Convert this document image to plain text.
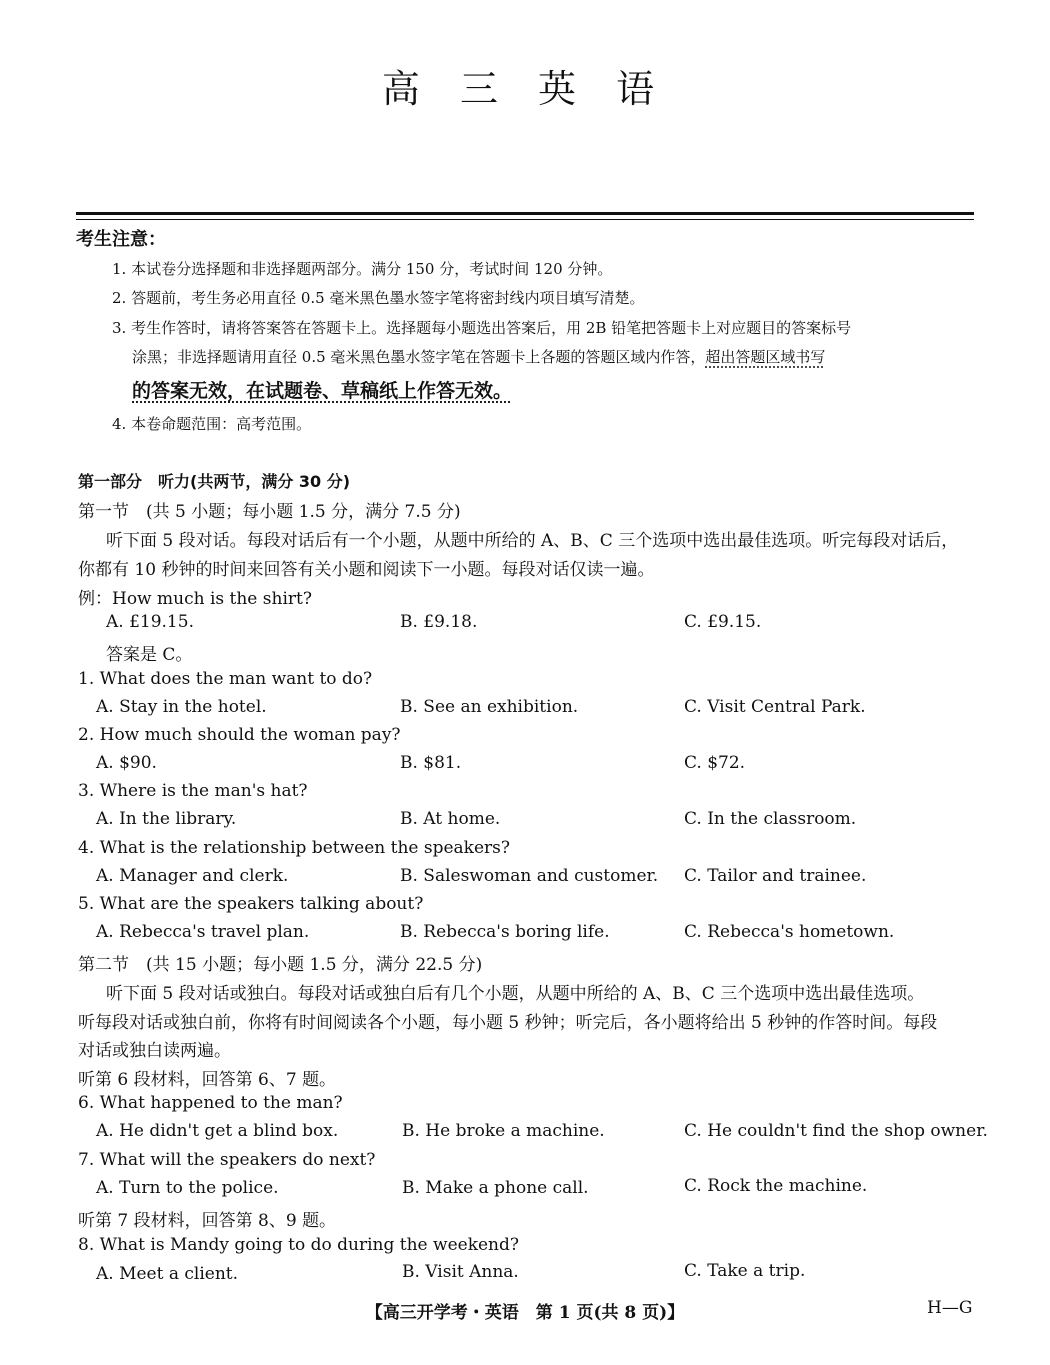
高 三 英 语
考生注意：
1. 本试卷分选择题和非选择题两部分。满分 150 分，考试时间 120 分钟。
2. 答题前，考生务必用直径 0.5 毫米黑色墨水签字笔将密封线内项目填写清楚。
3. 考生作答时，请将答案答在答题卡上。选择题每小题选出答案后，用 2B 铅笔把答题卡上对应题目的答案标号
涂黑；非选择题请用直径 0.5 毫米黑色墨水签字笔在答题卡上各题的答题区域内作答，超出答题区域书写
的答案无效，在试题卷、草稿纸上作答无效。
4. 本卷命题范围：高考范围。
第一部分　听力(共两节，满分 30 分)
第一节　(共 5 小题；每小题 1.5 分，满分 7.5 分)
听下面 5 段对话。每段对话后有一个小题，从题中所给的 A、B、C 三个选项中选出最佳选项。听完每段对话后，
你都有 10 秒钟的时间来回答有关小题和阅读下一小题。每段对话仅读一遍。
例：How much is the shirt?
A. £19.15.	B. £9.18.	C. £9.15.
答案是 C。
1. What does the man want to do?
A. Stay in the hotel.	B. See an exhibition.	C. Visit Central Park.
2. How much should the woman pay?
A. $90.	B. $81.	C. $72.
3. Where is the man's hat?
A. In the library.	B. At home.	C. In the classroom.
4. What is the relationship between the speakers?
A. Manager and clerk.	B. Saleswoman and customer. C. Tailor and trainee.
5. What are the speakers talking about?
A. Rebecca's travel plan.	B. Rebecca's boring life.	C. Rebecca's hometown.
第二节　(共 15 小题；每小题 1.5 分，满分 22.5 分)
听下面 5 段对话或独白。每段对话或独白后有几个小题，从题中所给的 A、B、C 三个选项中选出最佳选项。
听每段对话或独白前，你将有时间阅读各个小题，每小题 5 秒钟；听完后，各小题将给出 5 秒钟的作答时间。每段
对话或独白读两遍。
听第 6 段材料，回答第 6、7 题。
6. What happened to the man?
A. He didn't get a blind box.	B. He broke a machine.	C. He couldn't find the shop owner.
7. What will the speakers do next?
A. Turn to the police.	B. Make a phone call.	C. Rock the machine.
听第 7 段材料，回答第 8、9 题。
8. What is Mandy going to do during the weekend?
A. Meet a client.	B. Visit Anna.	C. Take a trip.
【高三开学考・英语　第 1 页(共 8 页)】	H—G
